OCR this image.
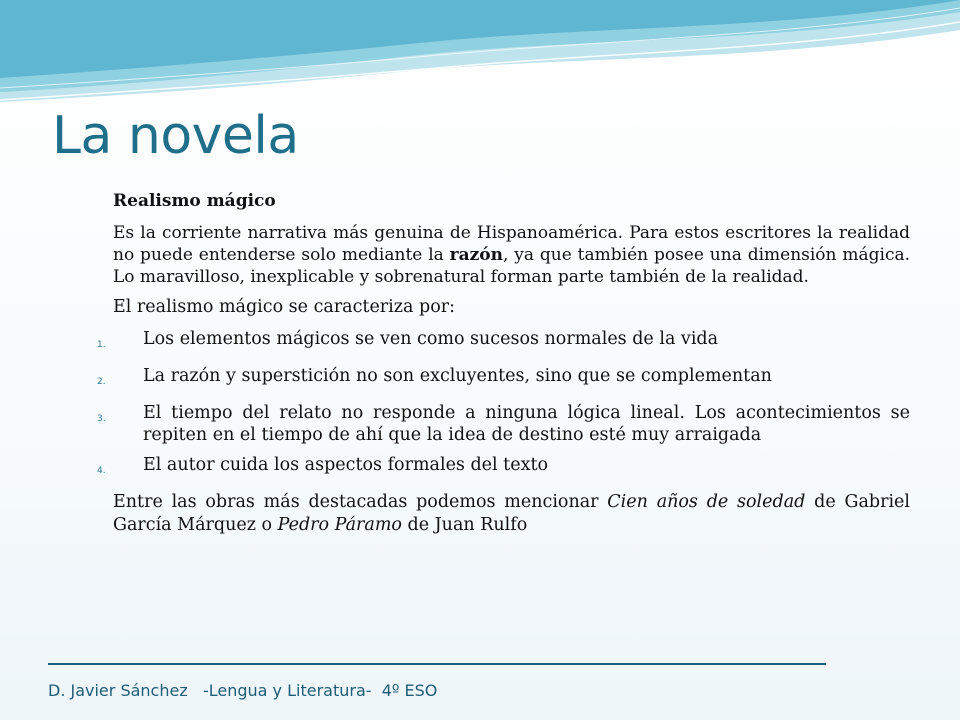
La novela

Realismo mágico

Es la corriente narrativa más genuina de Hispanoamérica. Para estos escritores la realidad no puede entenderse solo mediante la razón, ya que también posee una dimensión mágica. Lo maravilloso, inexplicable y sobrenatural forman parte también de la realidad.

El realismo mágico se caracteriza por:

1.	Los elementos mágicos se ven como sucesos normales de la vida
2.	La razón y superstición no son excluyentes, sino que se complementan
3.	El tiempo del relato no responde a ninguna lógica lineal. Los acontecimientos se repiten en el tiempo de ahí que la idea de destino esté muy arraigada
4.	El autor cuida los aspectos formales del texto

Entre las obras más destacadas podemos mencionar Cien años de soledad de Gabriel García Márquez o Pedro Páramo de Juan Rulfo

D. Javier Sánchez   -Lengua y Literatura-  4º ESO
